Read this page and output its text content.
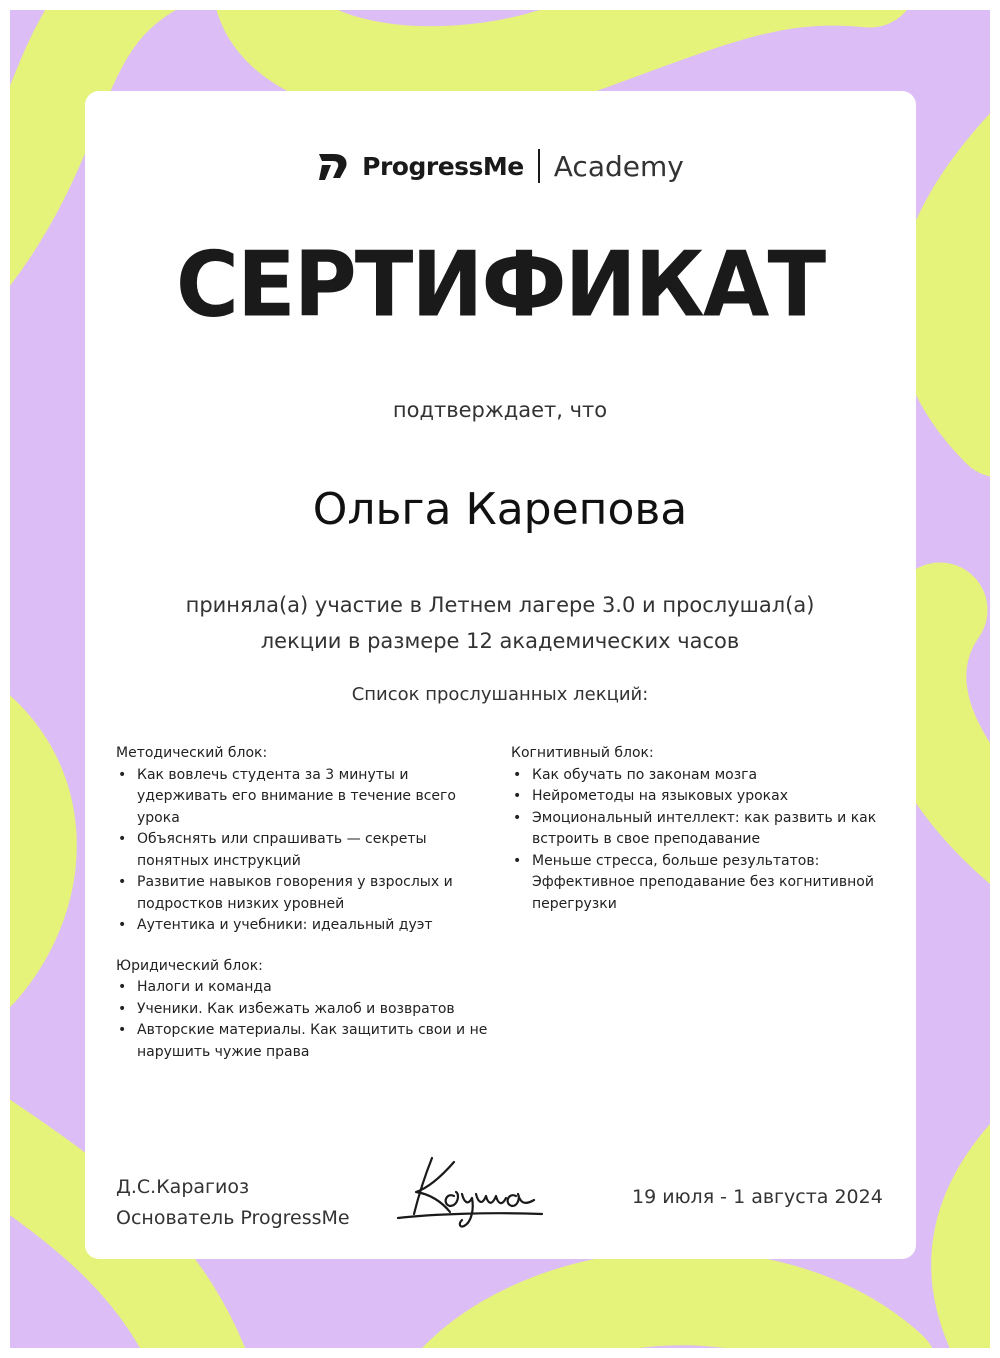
ProgressMe Academy
СЕРТИФИКАТ
подтверждает, что
Ольга Карепова
приняла(а) участие в Летнем лагере 3.0 и прослушал(а)
лекции в размере 12 академических часов
Список прослушанных лекций:
Методический блок:
• Как вовлечь студента за 3 минуты и удерживать его внимание в течение всего урока
• Объяснять или спрашивать — секреты понятных инструкций
• Развитие навыков говорения у взрослых и подростков низких уровней
• Аутентика и учебники: идеальный дуэт
Юридический блок:
• Налоги и команда
• Ученики. Как избежать жалоб и возвратов
• Авторские материалы. Как защитить свои и не нарушить чужие права
Когнитивный блок:
• Как обучать по законам мозга
• Нейрометоды на языковых уроках
• Эмоциональный интеллект: как развить и как встроить в свое преподавание
• Меньше стресса, больше результатов: Эффективное преподавание без когнитивной перегрузки
Д.С.Карагиоз
Основатель ProgressMe
19 июля - 1 августа 2024
